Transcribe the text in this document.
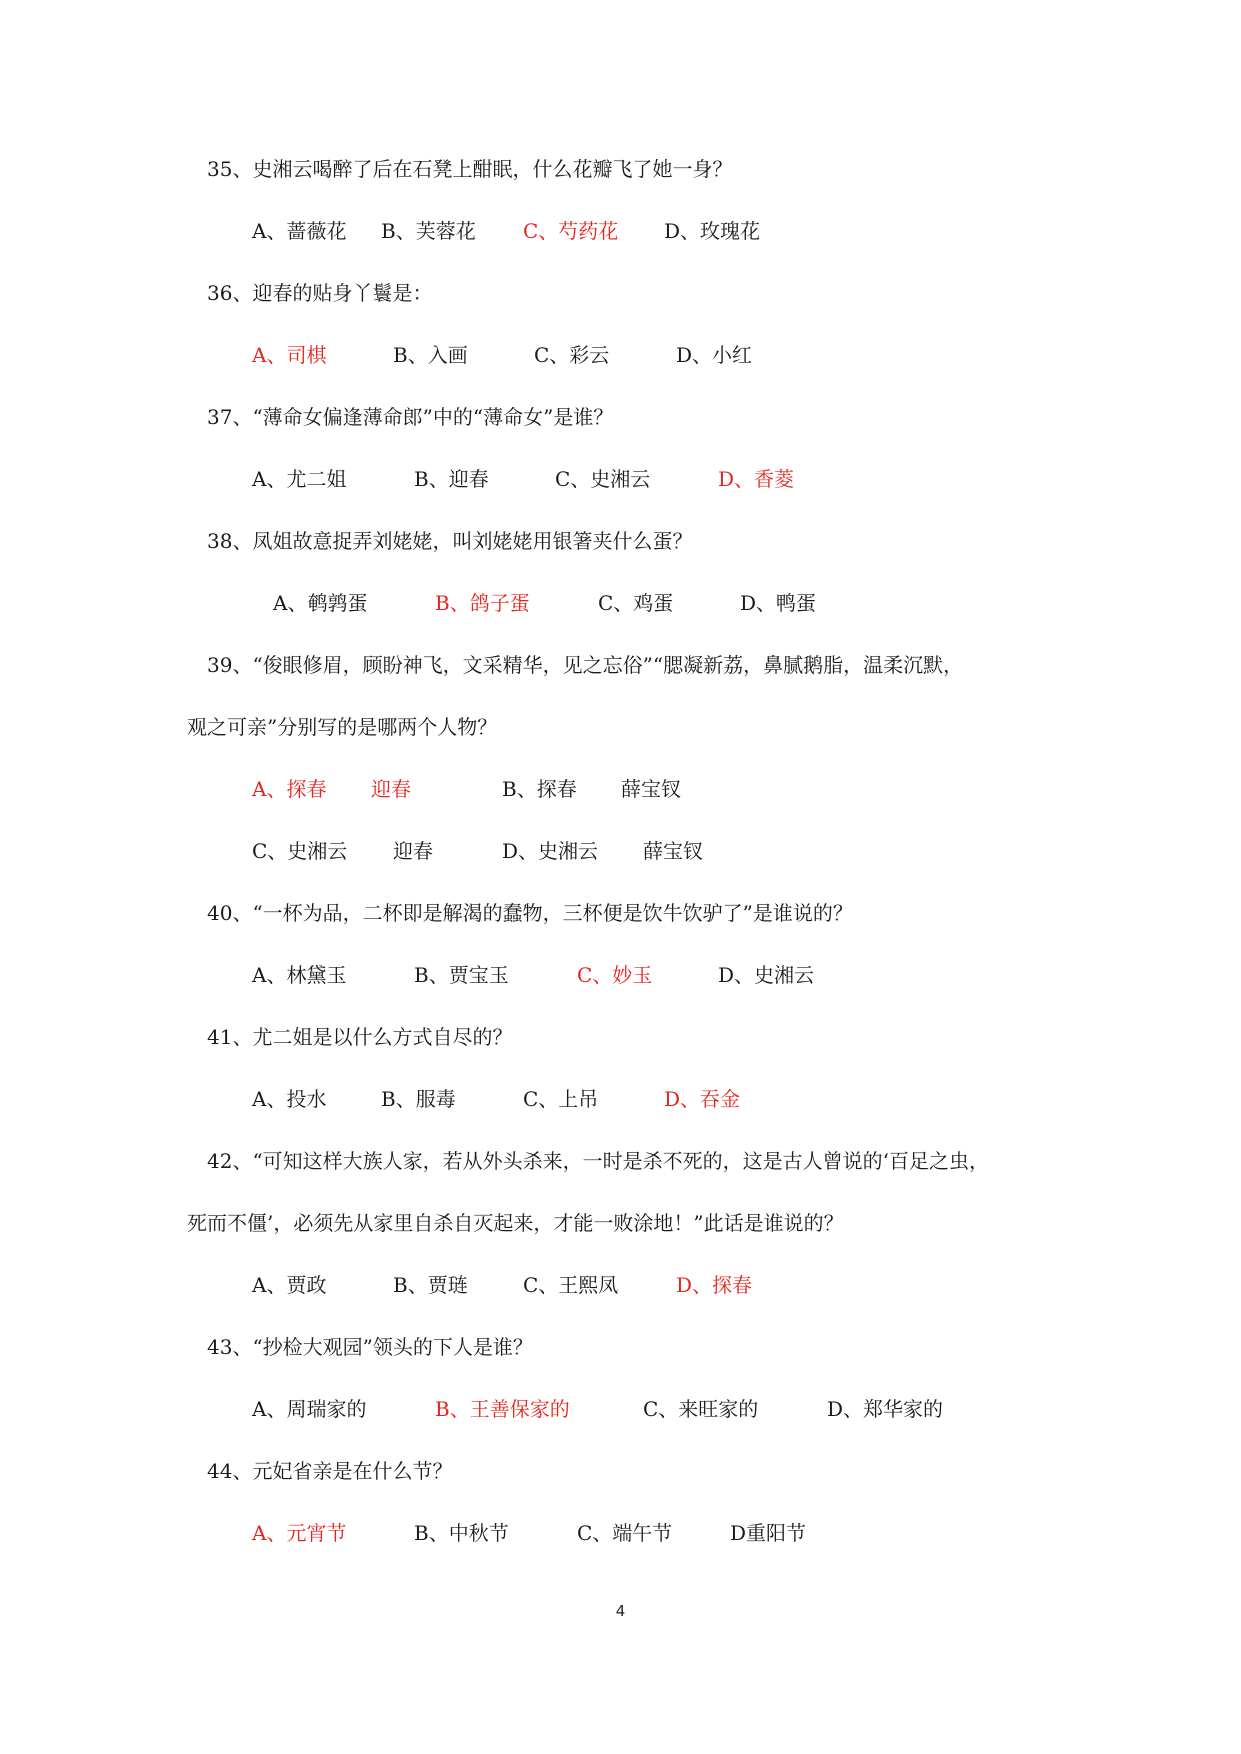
35、史湘云喝醉了后在石凳上酣眠，什么花瓣飞了她一身？
A、蔷薇花 B、芙蓉花 C、芍药花 D、玫瑰花
36、迎春的贴身丫鬟是：
A、司棋	B、入画	C、彩云	D、小红
37、“薄命女偏逢薄命郎”中的“薄命女”是谁？
A、尤二姐	B、迎春	C、史湘云	D、香菱
38、凤姐故意捉弄刘姥姥，叫刘姥姥用银箸夹什么蛋？
A、鹌鹑蛋	B、鸽子蛋	C、鸡蛋	D、鸭蛋
39、“俊眼修眉，顾盼神飞，文采精华，见之忘俗”“腮凝新荔，鼻腻鹅脂，温柔沉默，
观之可亲”分别写的是哪两个人物？
A、探春 迎春	B、探春 薛宝钗
C、史湘云 迎春	D、史湘云 薛宝钗
40、“一杯为品，二杯即是解渴的蠢物，三杯便是饮牛饮驴了”是谁说的？
A、林黛玉	B、贾宝玉	C、妙玉	D、史湘云
41、尤二姐是以什么方式自尽的？
A、投水	B、服毒	C、上吊	D、吞金
42、“可知这样大族人家，若从外头杀来，一时是杀不死的，这是古人曾说的‘百足之虫，
死而不僵’，必须先从家里自杀自灭起来，才能一败涂地！”此话是谁说的？
A、贾政	B、贾琏	C、王熙凤	D、探春
43、“抄检大观园”领头的下人是谁？
A、周瑞家的	B、王善保家的	C、来旺家的	D、郑华家的
44、元妃省亲是在什么节？
A、元宵节	B、中秋节	C、端午节	D重阳节
4
